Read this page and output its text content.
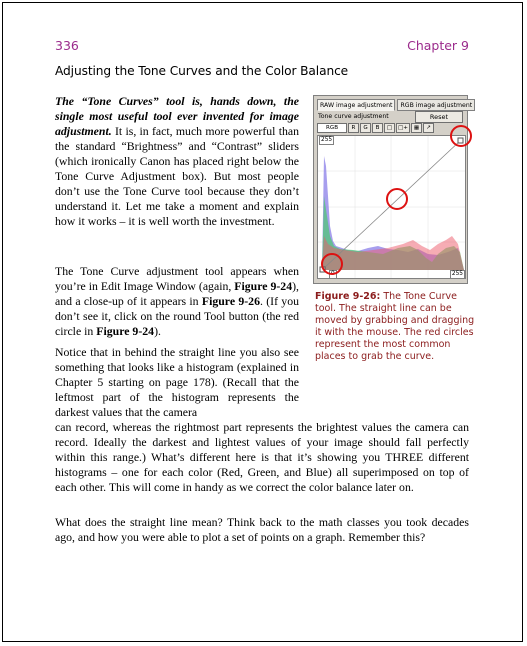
336	Chapter 9
Adjusting the Tone Curves and the Color Balance

The “Tone Curves” tool is, hands down, the single most useful tool ever invented for image adjustment. It is, in fact, much more powerful than the standard “Brightness” and “Contrast” sliders (which ironically Canon has placed right below the Tone Curve Adjustment box). But most people don’t use the Tone Curve tool because they don’t understand it. Let me take a moment and explain how it works – it is well worth the investment.

The Tone Curve adjustment tool appears when you’re in Edit Image Window (again, Figure 9-24), and a close-up of it appears in Figure 9-26. (If you don’t see it, click on the round Tool button (the red circle in Figure 9-24).

Notice that in behind the straight line you also see something that looks like a histogram (explained in Chapter 5 starting on page 178). (Recall that the leftmost part of the histogram represents the darkest values that the camera

can record, whereas the rightmost part represents the brightest values the camera can record. Ideally the darkest and lightest values of your image should fall perfectly within this range.) What’s different here is that it’s showing you THREE different histograms – one for each color (Red, Green, and Blue) all superimposed on top of each other. This will come in handy as we correct the color balance later on.

What does the straight line mean? Think back to the math classes you took decades ago, and how you were able to plot a set of points on a graph. Remember this?

RAW image adjustment	RGB image adjustment
Tone curve adjustment	Reset
RGB	R	G	B	□	□+	▦	↗
255
0	255
Figure 9-26: The Tone Curve tool. The straight line can be moved by grabbing and dragging it with the mouse. The red circles represent the most common places to grab the curve.
